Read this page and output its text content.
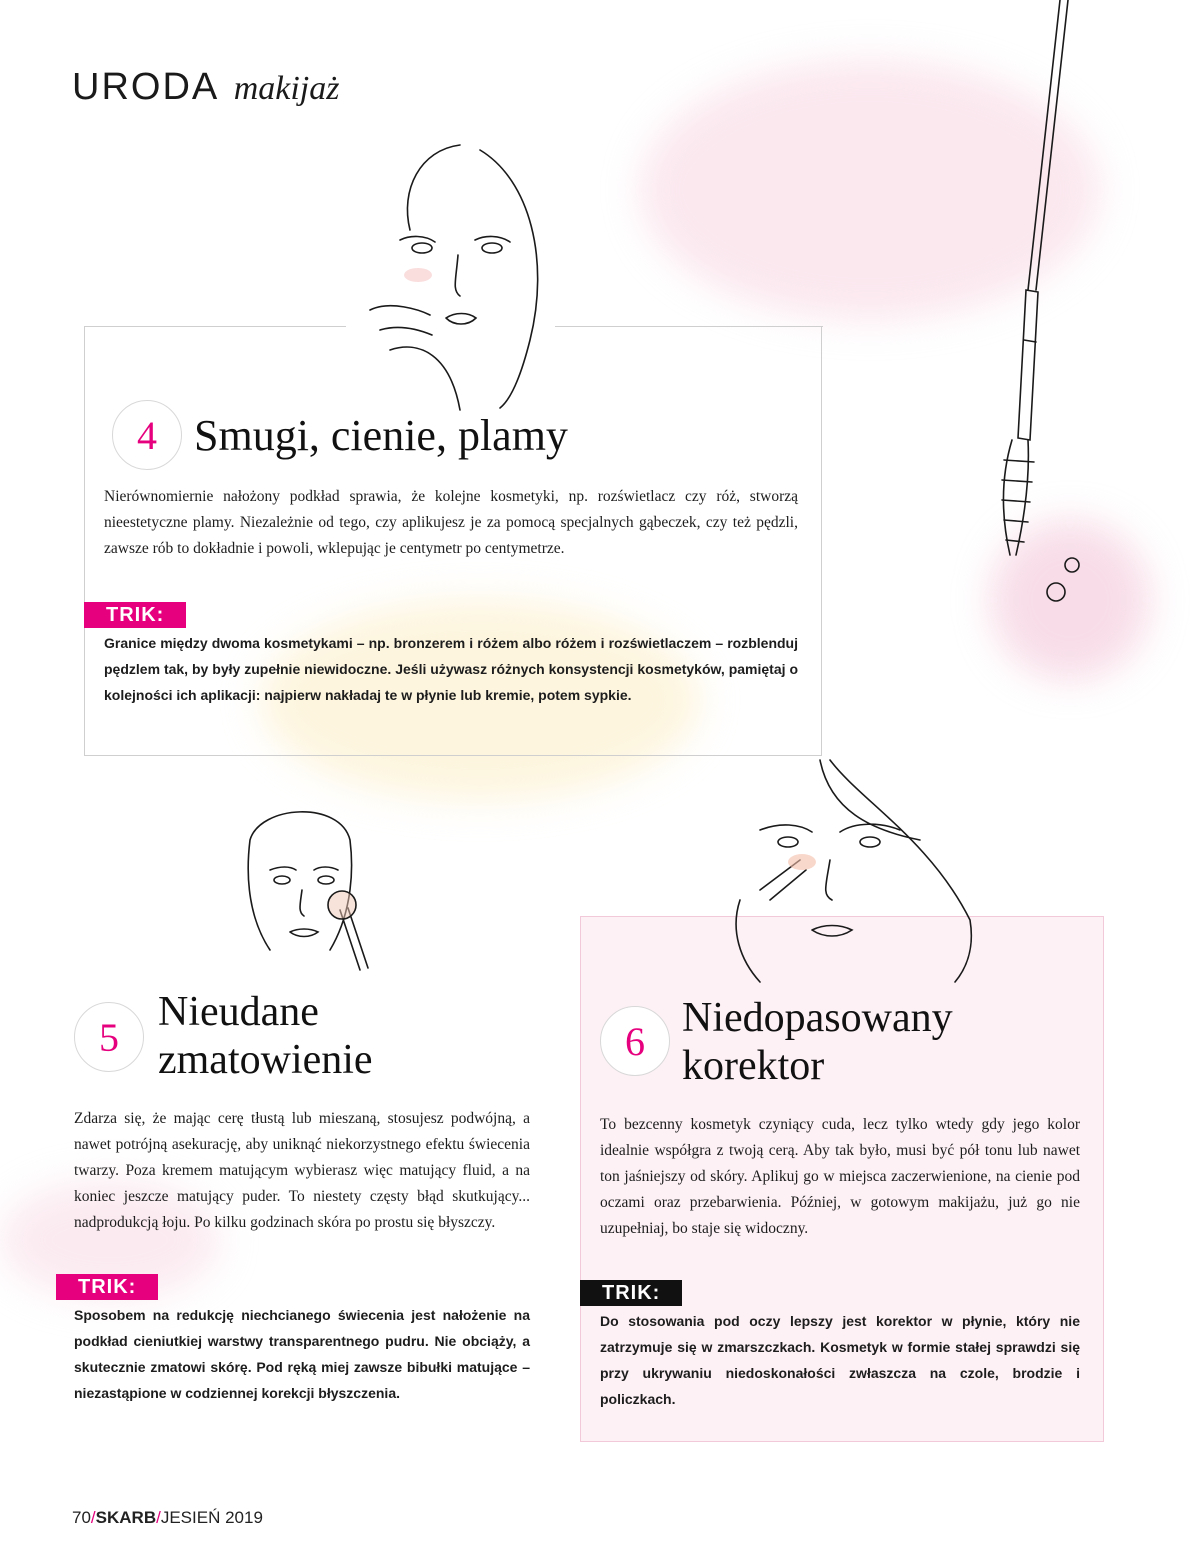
URODA makijaż
4 Smugi, cienie, plamy
Nierównomiernie nałożony podkład sprawia, że kolejne kosmetyki, np. rozświetlacz czy róż, stworzą nieestetyczne plamy. Niezależnie od tego, czy aplikujesz je za pomocą specjalnych gąbeczek, czy też pędzli, zawsze rób to dokładnie i powoli, wklepując je centymetr po centymetrze.
TRIK:
Granice między dwoma kosmetykami – np. bronzerem i różem albo różem i rozświetlaczem – rozblenduj pędzlem tak, by były zupełnie niewidoczne. Jeśli używasz różnych konsystencji kosmetyków, pamiętaj o kolejności ich aplikacji: najpierw nakładaj te w płynie lub kremie, potem sypkie.
5
Nieudane
zmatowienie
Zdarza się, że mając cerę tłustą lub mieszaną, stosujesz podwójną, a nawet potrójną asekurację, aby uniknąć niekorzystnego efektu świecenia twarzy. Poza kremem matującym wybierasz więc matujący fluid, a na koniec jeszcze matujący puder. To niestety częsty błąd skutkujący... nadprodukcją łoju. Po kilku godzinach skóra po prostu się błyszczy.
TRIK:
Sposobem na redukcję niechcianego świecenia jest nałożenie na podkład cieniutkiej warstwy transparentnego pudru. Nie obciąży, a skutecznie zmatowi skórę. Pod ręką miej zawsze bibułki matujące – niezastąpione w codziennej korekcji błyszczenia.
6 Niedopasowany
korektor
To bezcenny kosmetyk czyniący cuda, lecz tylko wtedy gdy jego kolor idealnie współgra z twoją cerą. Aby tak było, musi być pół tonu lub nawet ton jaśniejszy od skóry. Aplikuj go w miejsca zaczerwienione, na cienie pod oczami oraz przebarwienia. Później, w gotowym makijażu, już go nie uzupełniaj, bo staje się widoczny.
TRIK:
Do stosowania pod oczy lepszy jest korektor w płynie, który nie zatrzymuje się w zmarszczkach. Kosmetyk w formie stałej sprawdzi się przy ukrywaniu niedoskonałości zwłaszcza na czole, brodzie i policzkach.
70/SKARB/JESIEŃ 2019
